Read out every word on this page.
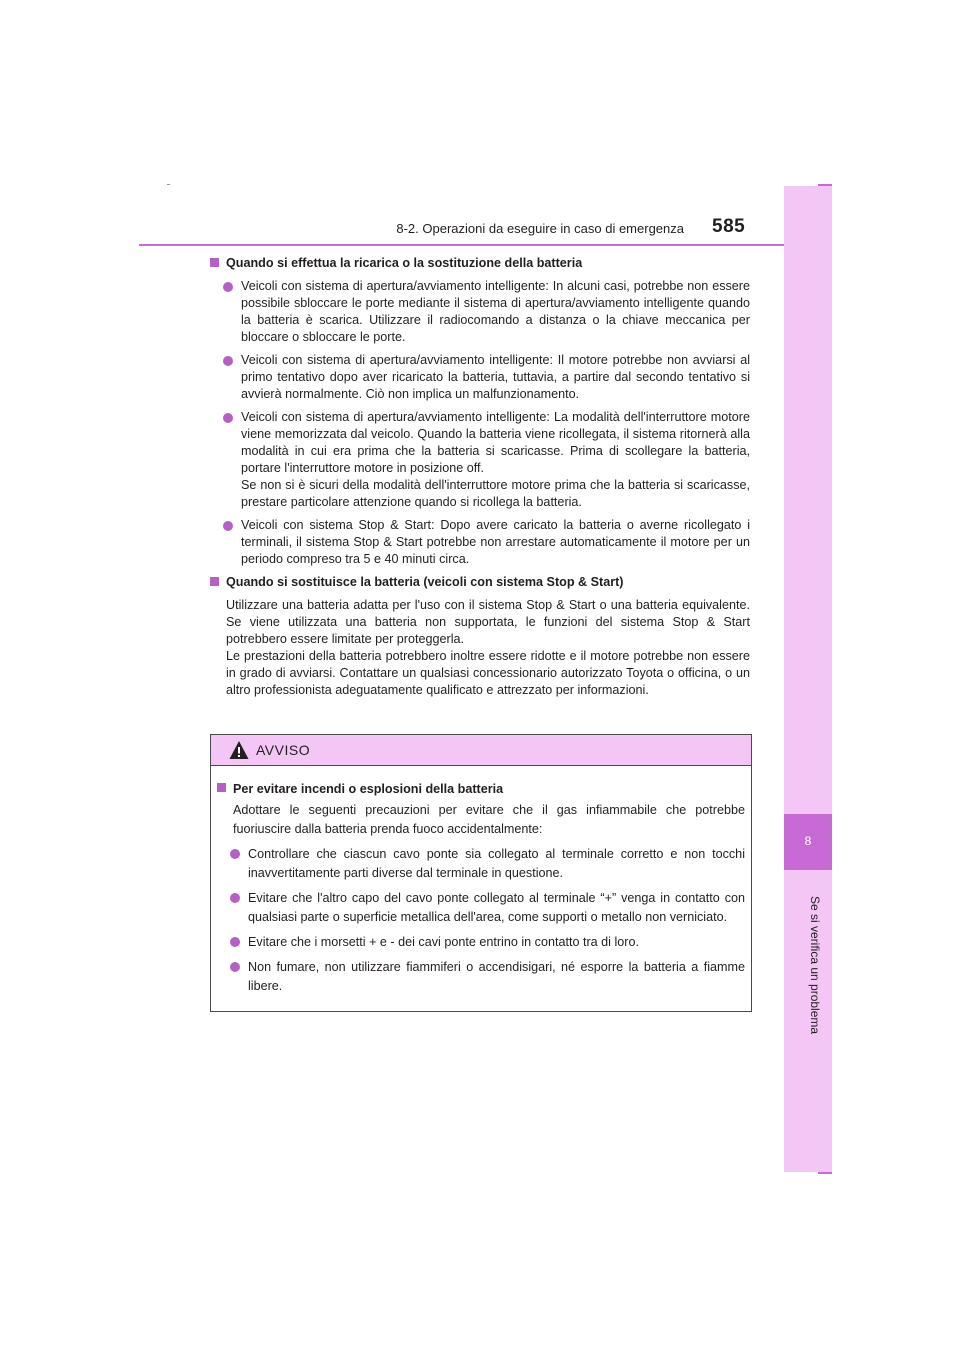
8-2. Operazioni da eseguire in caso di emergenza 585
8
Se si verifica un problema
Quando si effettua la ricarica o la sostituzione della batteria
Veicoli con sistema di apertura/avviamento intelligente: In alcuni casi, potrebbe non essere possibile sbloccare le porte mediante il sistema di apertura/avviamento intelligente quando la batteria è scarica. Utilizzare il radiocomando a distanza o la chiave meccanica per bloccare o sbloccare le porte.
Veicoli con sistema di apertura/avviamento intelligente: Il motore potrebbe non avviarsi al primo tentativo dopo aver ricaricato la batteria, tuttavia, a partire dal secondo tentativo si avvierà normalmente. Ciò non implica un malfunzionamento.
Veicoli con sistema di apertura/avviamento intelligente: La modalità dell'interruttore motore viene memorizzata dal veicolo. Quando la batteria viene ricollegata, il sistema ritornerà alla modalità in cui era prima che la batteria si scaricasse. Prima di scollegare la batteria, portare l'interruttore motore in posizione off.
Se non si è sicuri della modalità dell'interruttore motore prima che la batteria si scaricasse, prestare particolare attenzione quando si ricollega la batteria.
Veicoli con sistema Stop & Start: Dopo avere caricato la batteria o averne ricollegato i terminali, il sistema Stop & Start potrebbe non arrestare automaticamente il motore per un periodo compreso tra 5 e 40 minuti circa.
Quando si sostituisce la batteria (veicoli con sistema Stop & Start)
Utilizzare una batteria adatta per l'uso con il sistema Stop & Start o una batteria equivalente. Se viene utilizzata una batteria non supportata, le funzioni del sistema Stop & Start potrebbero essere limitate per proteggerla.
Le prestazioni della batteria potrebbero inoltre essere ridotte e il motore potrebbe non essere in grado di avviarsi. Contattare un qualsiasi concessionario autorizzato Toyota o officina, o un altro professionista adeguatamente qualificato e attrezzato per informazioni.
AVVISO
Per evitare incendi o esplosioni della batteria
Adottare le seguenti precauzioni per evitare che il gas infiammabile che potrebbe fuoriuscire dalla batteria prenda fuoco accidentalmente:
Controllare che ciascun cavo ponte sia collegato al terminale corretto e non tocchi inavvertitamente parti diverse dal terminale in questione.
Evitare che l'altro capo del cavo ponte collegato al terminale “+” venga in contatto con qualsiasi parte o superficie metallica dell'area, come supporti o metallo non verniciato.
Evitare che i morsetti + e - dei cavi ponte entrino in contatto tra di loro.
Non fumare, non utilizzare fiammiferi o accendisigari, né esporre la batteria a fiamme libere.
